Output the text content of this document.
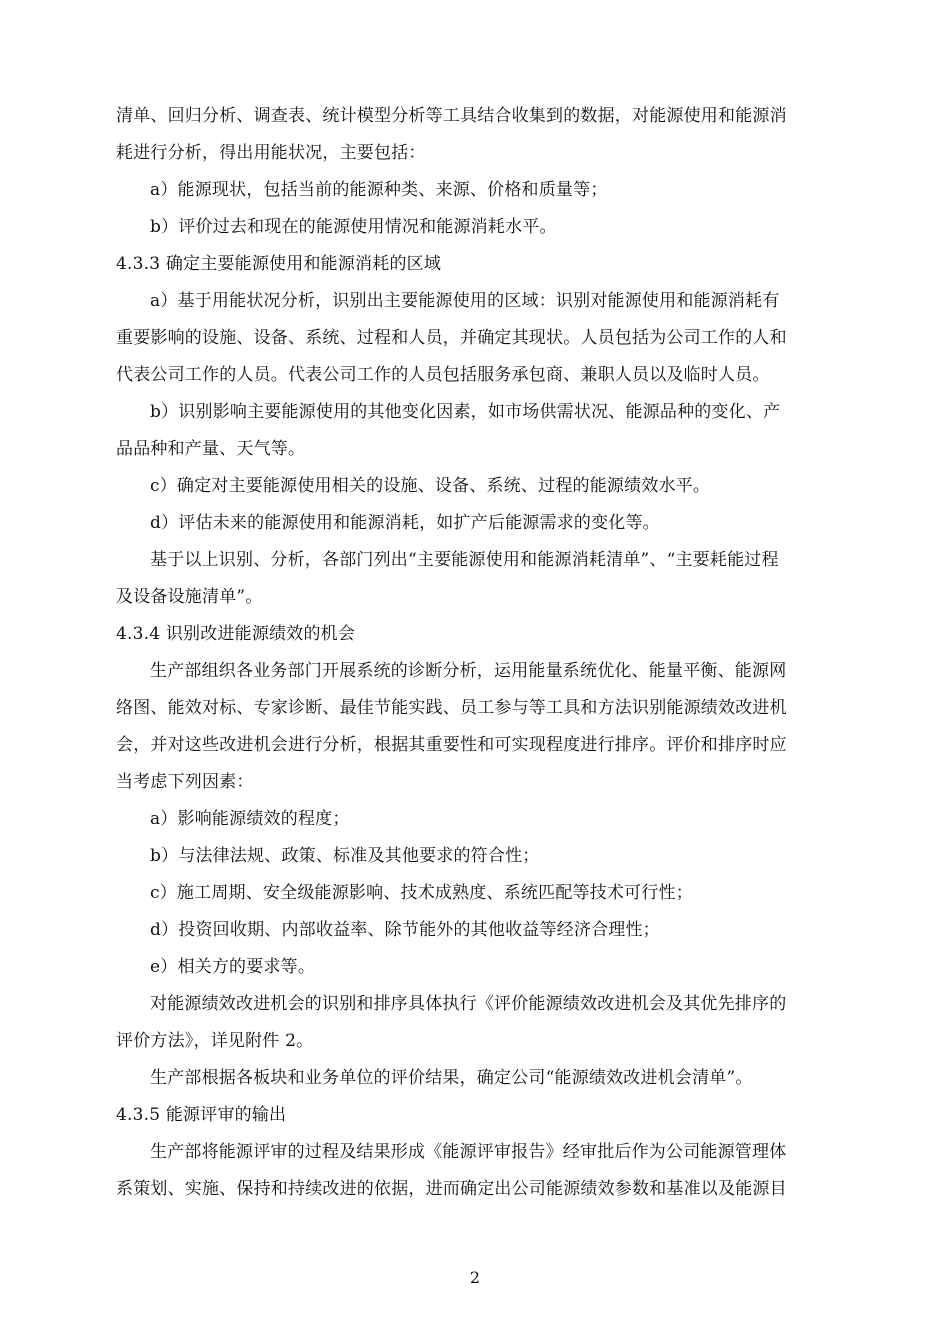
清单、回归分析、调查表、统计模型分析等工具结合收集到的数据，对能源使用和能源消
耗进行分析，得出用能状况，主要包括：
a）能源现状，包括当前的能源种类、来源、价格和质量等；
b）评价过去和现在的能源使用情况和能源消耗水平。
4.3.3 确定主要能源使用和能源消耗的区域
a）基于用能状况分析，识别出主要能源使用的区域：识别对能源使用和能源消耗有
重要影响的设施、设备、系统、过程和人员，并确定其现状。人员包括为公司工作的人和
代表公司工作的人员。代表公司工作的人员包括服务承包商、兼职人员以及临时人员。
b）识别影响主要能源使用的其他变化因素，如市场供需状况、能源品种的变化、产
品品种和产量、天气等。
c）确定对主要能源使用相关的设施、设备、系统、过程的能源绩效水平。
d）评估未来的能源使用和能源消耗，如扩产后能源需求的变化等。
基于以上识别、分析，各部门列出“主要能源使用和能源消耗清单”、“主要耗能过程
及设备设施清单”。
4.3.4 识别改进能源绩效的机会
生产部组织各业务部门开展系统的诊断分析，运用能量系统优化、能量平衡、能源网
络图、能效对标、专家诊断、最佳节能实践、员工参与等工具和方法识别能源绩效改进机
会，并对这些改进机会进行分析，根据其重要性和可实现程度进行排序。评价和排序时应
当考虑下列因素：
a）影响能源绩效的程度；
b）与法律法规、政策、标准及其他要求的符合性；
c）施工周期、安全级能源影响、技术成熟度、系统匹配等技术可行性；
d）投资回收期、内部收益率、除节能外的其他收益等经济合理性；
e）相关方的要求等。
对能源绩效改进机会的识别和排序具体执行《评价能源绩效改进机会及其优先排序的
评价方法》，详见附件 2。
生产部根据各板块和业务单位的评价结果，确定公司“能源绩效改进机会清单”。
4.3.5 能源评审的输出
生产部将能源评审的过程及结果形成《能源评审报告》经审批后作为公司能源管理体
系策划、实施、保持和持续改进的依据，进而确定出公司能源绩效参数和基准以及能源目
2
